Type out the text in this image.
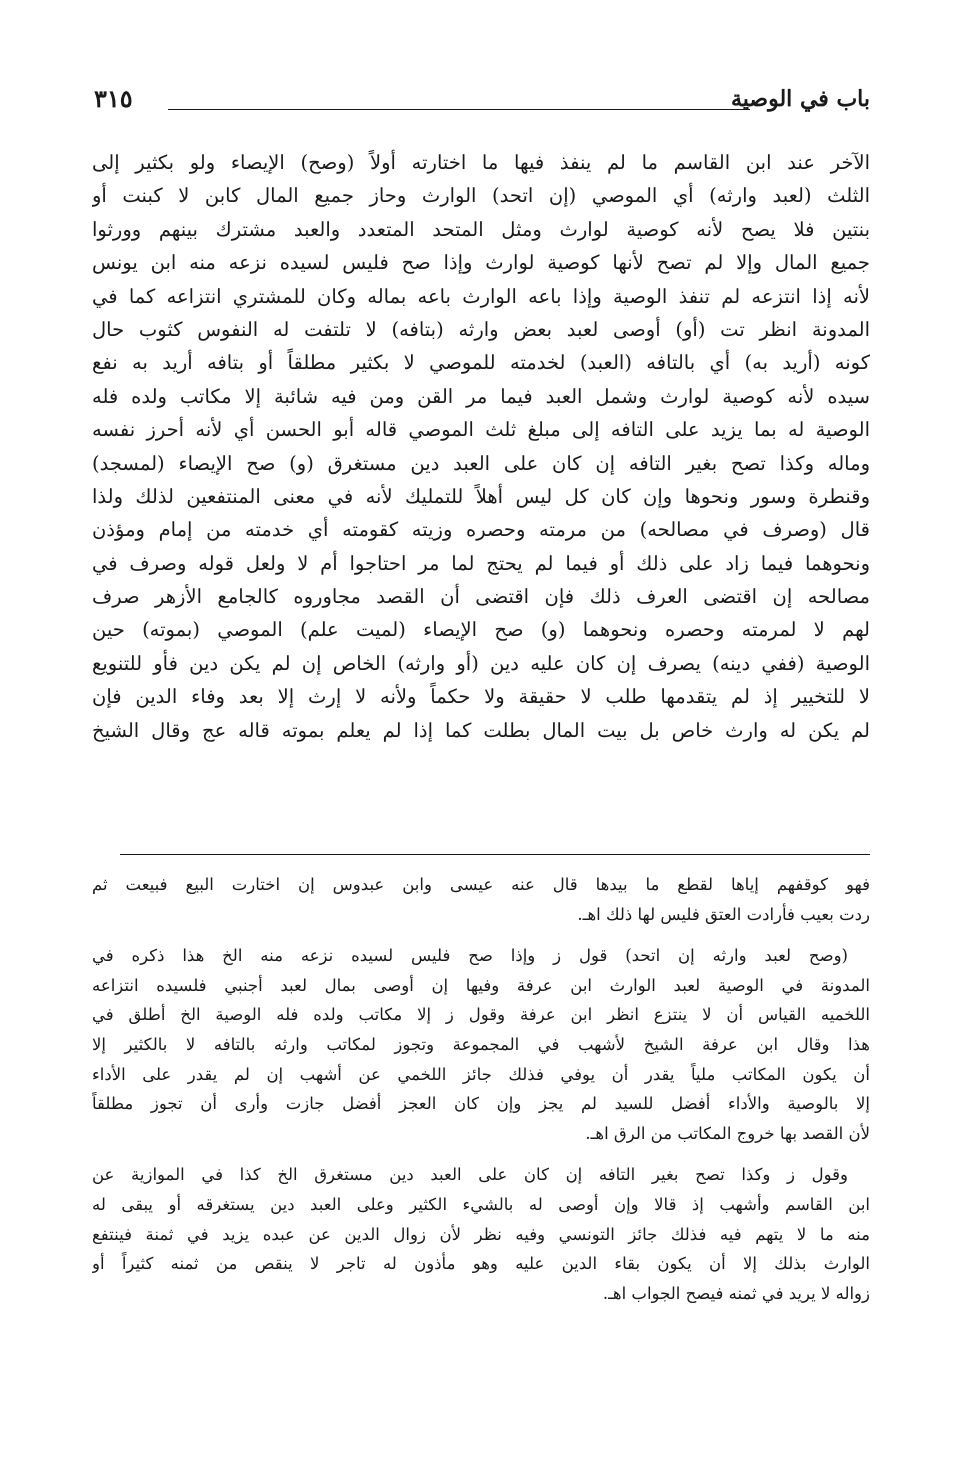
باب في الوصية
٣١٥
الآخر عند ابن القاسم ما لم ينفذ فيها ما اختارته أولاً (وصح) الإيصاء ولو بكثير إلى
الثلث (لعبد وارثه) أي الموصي (إن اتحد) الوارث وحاز جميع المال كابن لا كبنت أو
بنتين فلا يصح لأنه كوصية لوارث ومثل المتحد المتعدد والعبد مشترك بينهم وورثوا
جميع المال وإلا لم تصح لأنها كوصية لوارث وإذا صح فليس لسيده نزعه منه ابن يونس
لأنه إذا انتزعه لم تنفذ الوصية وإذا باعه الوارث باعه بماله وكان للمشتري انتزاعه كما في
المدونة انظر تت (أو) أوصى لعبد بعض وارثه (بتافه) لا تلتفت له النفوس كثوب حال
كونه (أريد به) أي بالتافه (العبد) لخدمته للموصي لا بكثير مطلقاً أو بتافه أريد به نفع
سيده لأنه كوصية لوارث وشمل العبد فيما مر القن ومن فيه شائبة إلا مكاتب ولده فله
الوصية له بما يزيد على التافه إلى مبلغ ثلث الموصي قاله أبو الحسن أي لأنه أحرز نفسه
وماله وكذا تصح بغير التافه إن كان على العبد دين مستغرق (و) صح الإيصاء (لمسجد)
وقنطرة وسور ونحوها وإن كان كل ليس أهلاً للتمليك لأنه في معنى المنتفعين لذلك ولذا
قال (وصرف في مصالحه) من مرمته وحصره وزيته كقومته أي خدمته من إمام ومؤذن
ونحوهما فيما زاد على ذلك أو فيما لم يحتج لما مر احتاجوا أم لا ولعل قوله وصرف في
مصالحه إن اقتضى العرف ذلك فإن اقتضى أن القصد مجاوروه كالجامع الأزهر صرف
لهم لا لمرمته وحصره ونحوهما (و) صح الإيصاء (لميت علم) الموصي (بموته) حين
الوصية (ففي دينه) يصرف إن كان عليه دين (أو وارثه) الخاص إن لم يكن دين فأو للتنويع
لا للتخيير إذ لم يتقدمها طلب لا حقيقة ولا حكماً ولأنه لا إرث إلا بعد وفاء الدين فإن
لم يكن له وارث خاص بل بيت المال بطلت كما إذا لم يعلم بموته قاله عج وقال الشيخ
فهو كوقفهم إياها لقطع ما بيدها قال عنه عيسى وابن عبدوس إن اختارت البيع فبيعت ثم
ردت بعيب فأرادت العتق فليس لها ذلك اهـ.
(وصح لعبد وارثه إن اتحد) قول ز وإذا صح فليس لسيده نزعه منه الخ هذا ذكره في
المدونة في الوصية لعبد الوارث ابن عرفة وفيها إن أوصى بمال لعبد أجنبي فلسيده انتزاعه
اللخميه القياس أن لا ينتزع انظر ابن عرفة وقول ز إلا مكاتب ولده فله الوصية الخ أطلق في
هذا وقال ابن عرفة الشيخ لأشهب في المجموعة وتجوز لمكاتب وارثه بالتافه لا بالكثير إلا
أن يكون المكاتب ملياً يقدر أن يوفي فذلك جائز اللخمي عن أشهب إن لم يقدر على الأداء
إلا بالوصية والأداء أفضل للسيد لم يجز وإن كان العجز أفضل جازت وأرى أن تجوز مطلقاً
لأن القصد بها خروج المكاتب من الرق اهـ.
وقول ز وكذا تصح بغير التافه إن كان على العبد دين مستغرق الخ كذا في الموازية عن
ابن القاسم وأشهب إذ قالا وإن أوصى له بالشيء الكثير وعلى العبد دين يستغرقه أو يبقى له
منه ما لا يتهم فيه فذلك جائز التونسي وفيه نظر لأن زوال الدين عن عبده يزيد في ثمنة فينتفع
الوارث بذلك إلا أن يكون بقاء الدين عليه وهو مأذون له تاجر لا ينقص من ثمنه كثيراً أو
زواله لا يريد في ثمنه فيصح الجواب اهـ.
